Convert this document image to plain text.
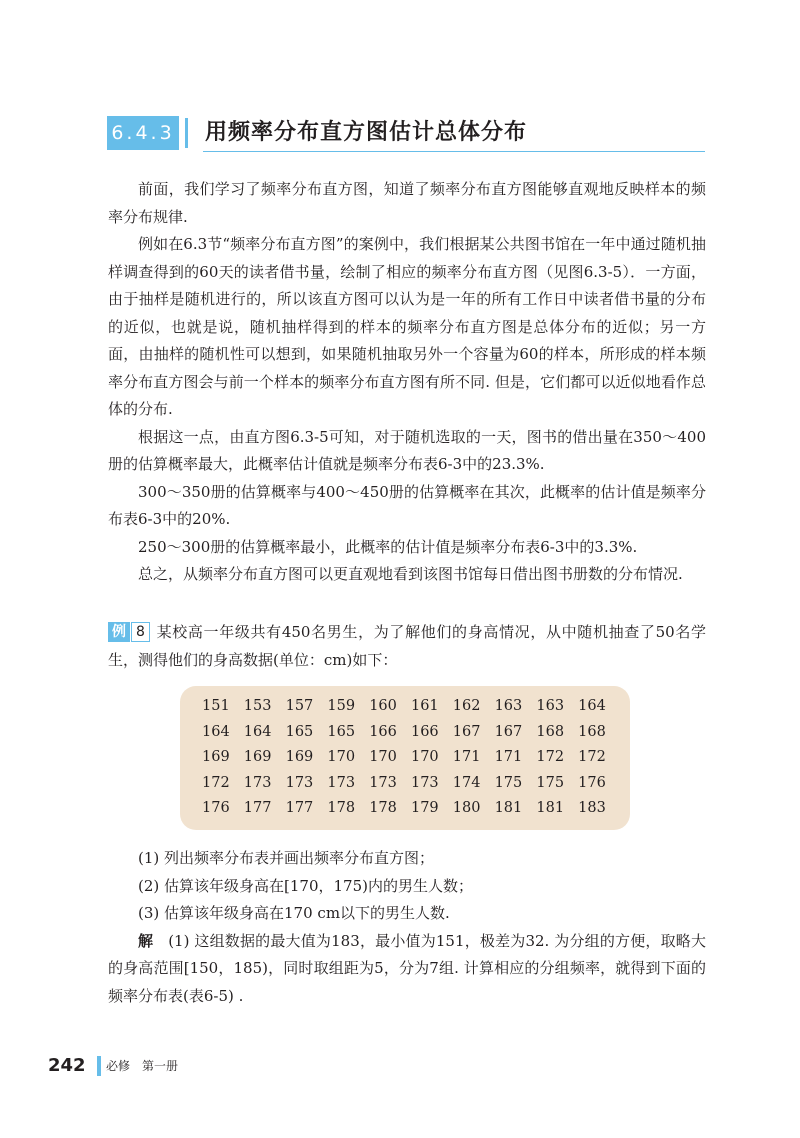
6.4.3 用频率分布直方图估计总体分布

前面，我们学习了频率分布直方图，知道了频率分布直方图能够直观地反映样本的频率分布规律.

例如在6.3节“频率分布直方图”的案例中，我们根据某公共图书馆在一年中通过随机抽样调查得到的60天的读者借书量，绘制了相应的频率分布直方图（见图6.3-5）．一方面，由于抽样是随机进行的，所以该直方图可以认为是一年的所有工作日中读者借书量的分布的近似，也就是说，随机抽样得到的样本的频率分布直方图是总体分布的近似；另一方面，由抽样的随机性可以想到，如果随机抽取另外一个容量为60的样本，所形成的样本频率分布直方图会与前一个样本的频率分布直方图有所不同. 但是，它们都可以近似地看作总体的分布.

根据这一点，由直方图6.3-5可知，对于随机选取的一天，图书的借出量在350～400册的估算概率最大，此概率估计值就是频率分布表6-3中的23.3%.

300～350册的估算概率与400～450册的估算概率在其次，此概率的估计值是频率分布表6-3中的20%.

250～300册的估算概率最小，此概率的估计值是频率分布表6-3中的3.3%.

总之，从频率分布直方图可以更直观地看到该图书馆每日借出图书册数的分布情况.

例 8 某校高一年级共有450名男生，为了解他们的身高情况，从中随机抽查了50名学生，测得他们的身高数据(单位：cm)如下：

151 153 157 159 160 161 162 163 163 164
164 164 165 165 166 166 167 167 168 168
169 169 169 170 170 170 171 171 172 172
172 173 173 173 173 173 174 175 175 176
176 177 177 178 178 179 180 181 181 183

(1) 列出频率分布表并画出频率分布直方图；

(2) 估算该年级身高在[170，175)内的男生人数；

(3) 估算该年级身高在170 cm以下的男生人数.

解 (1) 这组数据的最大值为183，最小值为151，极差为32. 为分组的方便，取略大的身高范围[150，185)，同时取组距为5，分为7组. 计算相应的分组频率，就得到下面的频率分布表(表6-5) .

242 必修　第一册
